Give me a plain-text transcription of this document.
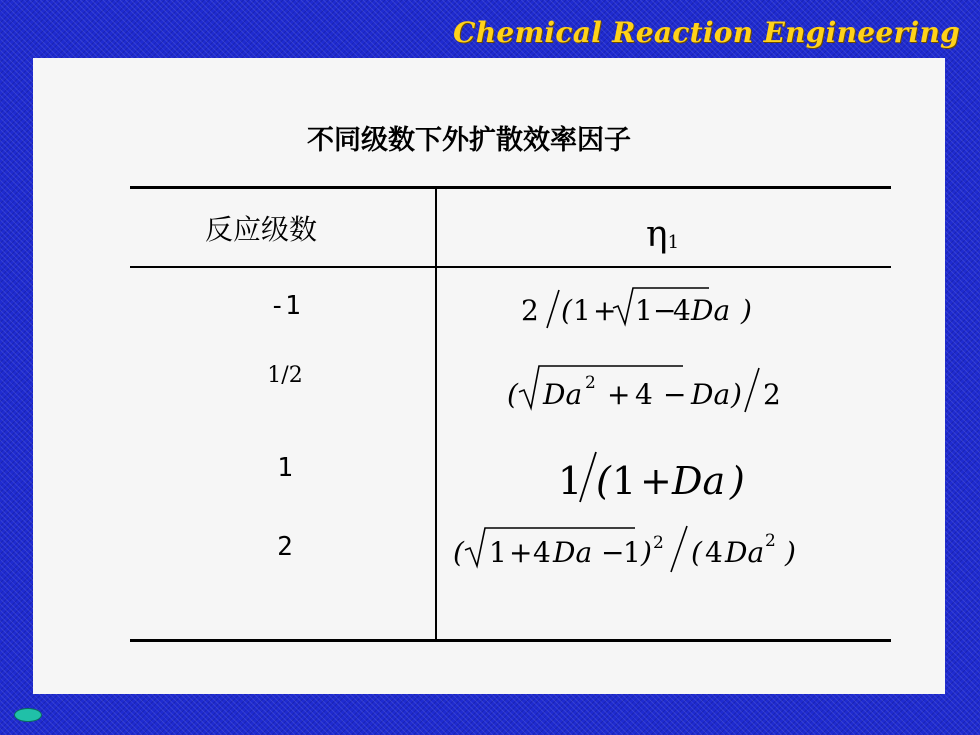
Chemical Reaction Engineering
不同级数下外扩散效率因子
反应级数	$\eta_1$
-1
1/2
1
2
2 ( 1 + 1 −
4 Da )
( Da 2 + 4 − Da ) 2
1 ( 1 + Da )
( 1 + 4 Da −
1 ) 2 ( 4 Da 2 )
